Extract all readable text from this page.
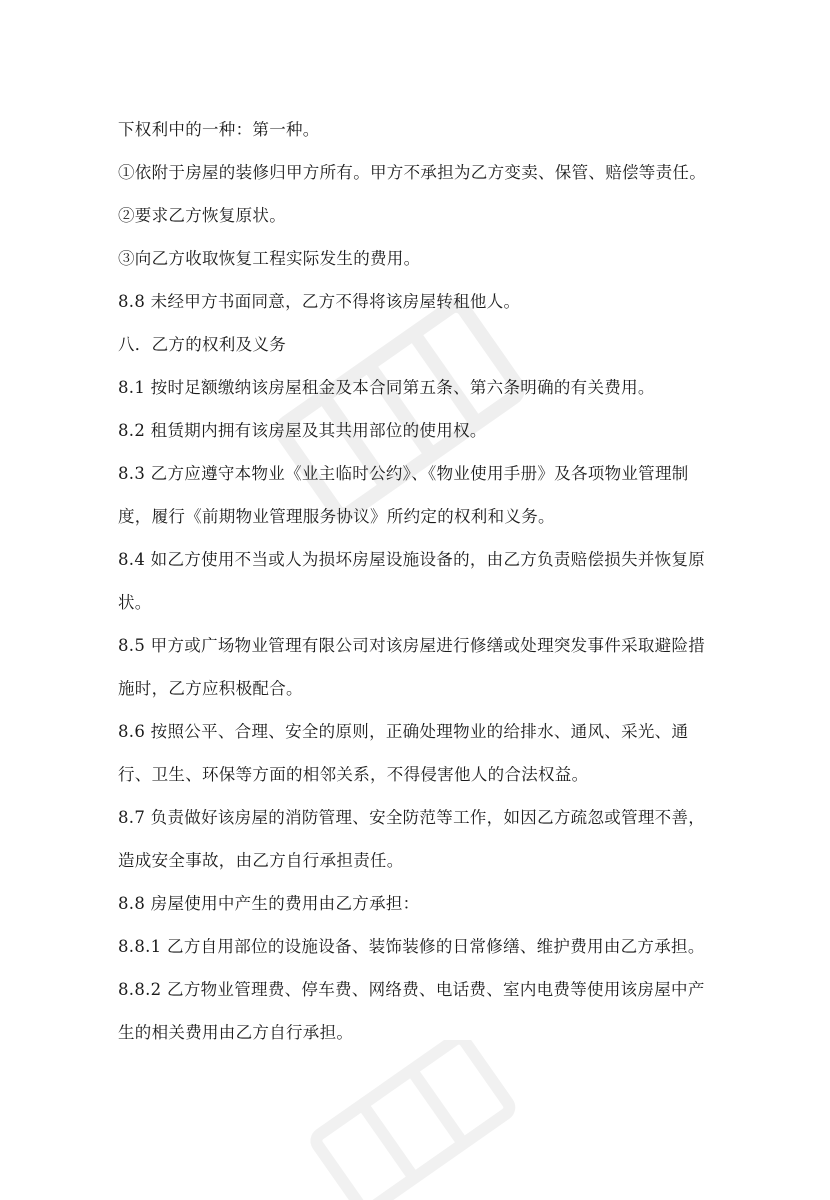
下权利中的一种：第一种。

①依附于房屋的装修归甲方所有。甲方不承担为乙方变卖、保管、赔偿等责任。

②要求乙方恢复原状。

③向乙方收取恢复工程实际发生的费用。

8.8 未经甲方书面同意，乙方不得将该房屋转租他人。

八．乙方的权利及义务

8.1 按时足额缴纳该房屋租金及本合同第五条、第六条明确的有关费用。

8.2 租赁期内拥有该房屋及其共用部位的使用权。

8.3 乙方应遵守本物业《业主临时公约》、《物业使用手册》及各项物业管理制度，履行《前期物业管理服务协议》所约定的权利和义务。

8.4 如乙方使用不当或人为损坏房屋设施设备的，由乙方负责赔偿损失并恢复原状。

8.5 甲方或广场物业管理有限公司对该房屋进行修缮或处理突发事件采取避险措施时，乙方应积极配合。

8.6 按照公平、合理、安全的原则，正确处理物业的给排水、通风、采光、通行、卫生、环保等方面的相邻关系，不得侵害他人的合法权益。

8.7 负责做好该房屋的消防管理、安全防范等工作，如因乙方疏忽或管理不善，造成安全事故，由乙方自行承担责任。

8.8 房屋使用中产生的费用由乙方承担：

8.8.1 乙方自用部位的设施设备、装饰装修的日常修缮、维护费用由乙方承担。

8.8.2 乙方物业管理费、停车费、网络费、电话费、室内电费等使用该房屋中产生的相关费用由乙方自行承担。
